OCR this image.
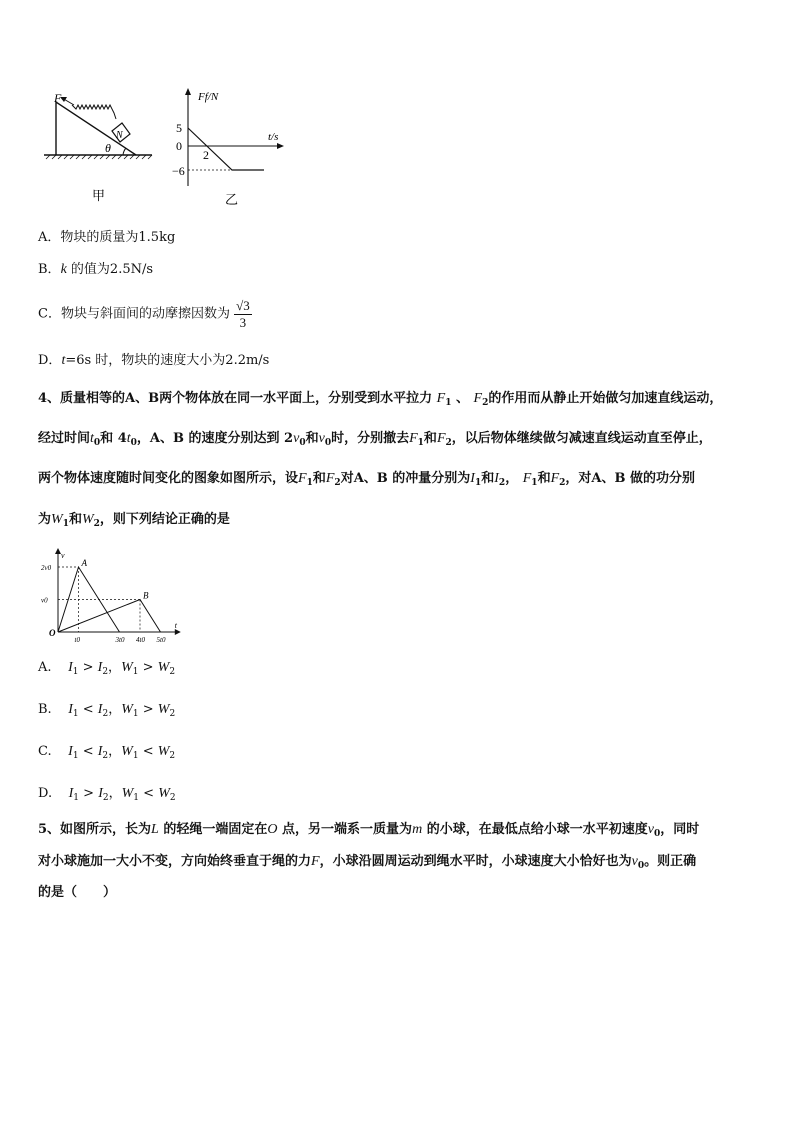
F
N
θ
甲
Ff/N
t/s
5
0
−6
2
乙
A．物块的质量为1.5kg
B．k 的值为2.5N/s
C．物块与斜面间的动摩擦因数为 $\frac{√3}{3}$
D．t=6s 时，物块的速度大小为2.2m/s
4、质量相等的A、B两个物体放在同一水平面上，分别受到水平拉力 $F_1$ 、 $F_2$的作用而从静止开始做匀加速直线运动，
经过时间$t_0$和 $4t_0$，A、B 的速度分别达到 $2v_0$和$v_0$时，分别撤去$F_1$和$F_2$，以后物体继续做匀减速直线运动直至停止，
两个物体速度随时间变化的图象如图所示，设$F_1$和$F_2$对A、B 的冲量分别为$I_1$和$I_2$， $F_1$和$F_2$，对A、B 做的功分别
为$W_1$和$W_2$，则下列结论正确的是
v
t
O
A
B
t0	3t0 4t0 5t0
2v0
v0
A. $I_1 > I_2$，$W_1 > W_2$
B. $I_1 < I_2$，$W_1 > W_2$
C. $I_1 < I_2$，$W_1 < W_2$
D. $I_1 > I_2$，$W_1 < W_2$
5、如图所示，长为L 的轻绳一端固定在O 点，另一端系一质量为m 的小球，在最低点给小球一水平初速度$v_0$，同时
对小球施加一大小不变，方向始终垂直于绳的力F，小球沿圆周运动到绳水平时，小球速度大小恰好也为$v_0$。则正确
的是（　　）
